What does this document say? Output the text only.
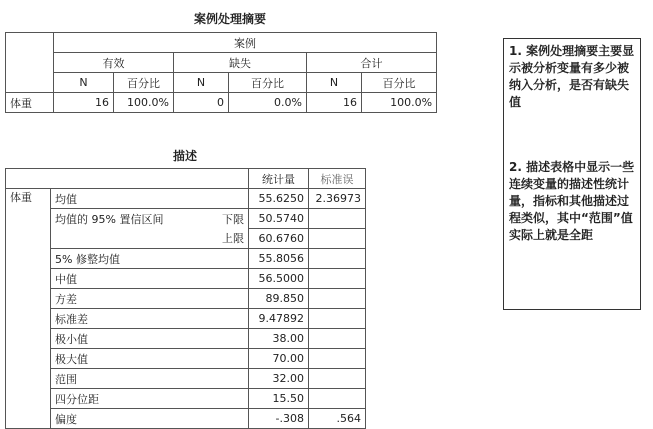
案例处理摘要
	案例					
	有效		缺失		合计	
	N	百分比	N	百分比	N	百分比
体重	16	100.0%	0	0.0%	16	100.0%
描述
			统计量	标准误
体重	均值		55.6250	2.36973
	均值的 95% 置信区间	下限	50.5740	
		上限	60.6760	
	5% 修整均值		55.8056	
	中值		56.5000	
	方差		89.850	
	标准差		9.47892	
	极小值		38.00	
	极大值		70.00	
	范围		32.00	
	四分位距		15.50	
	偏度		-.308	.564

1. 案例处理摘要主要显示被分析变量有多少被纳入分析，是否有缺失值

2. 描述表格中显示一些连续变量的描述性统计量，指标和其他描述过程类似，其中“范围”值实际上就是全距
